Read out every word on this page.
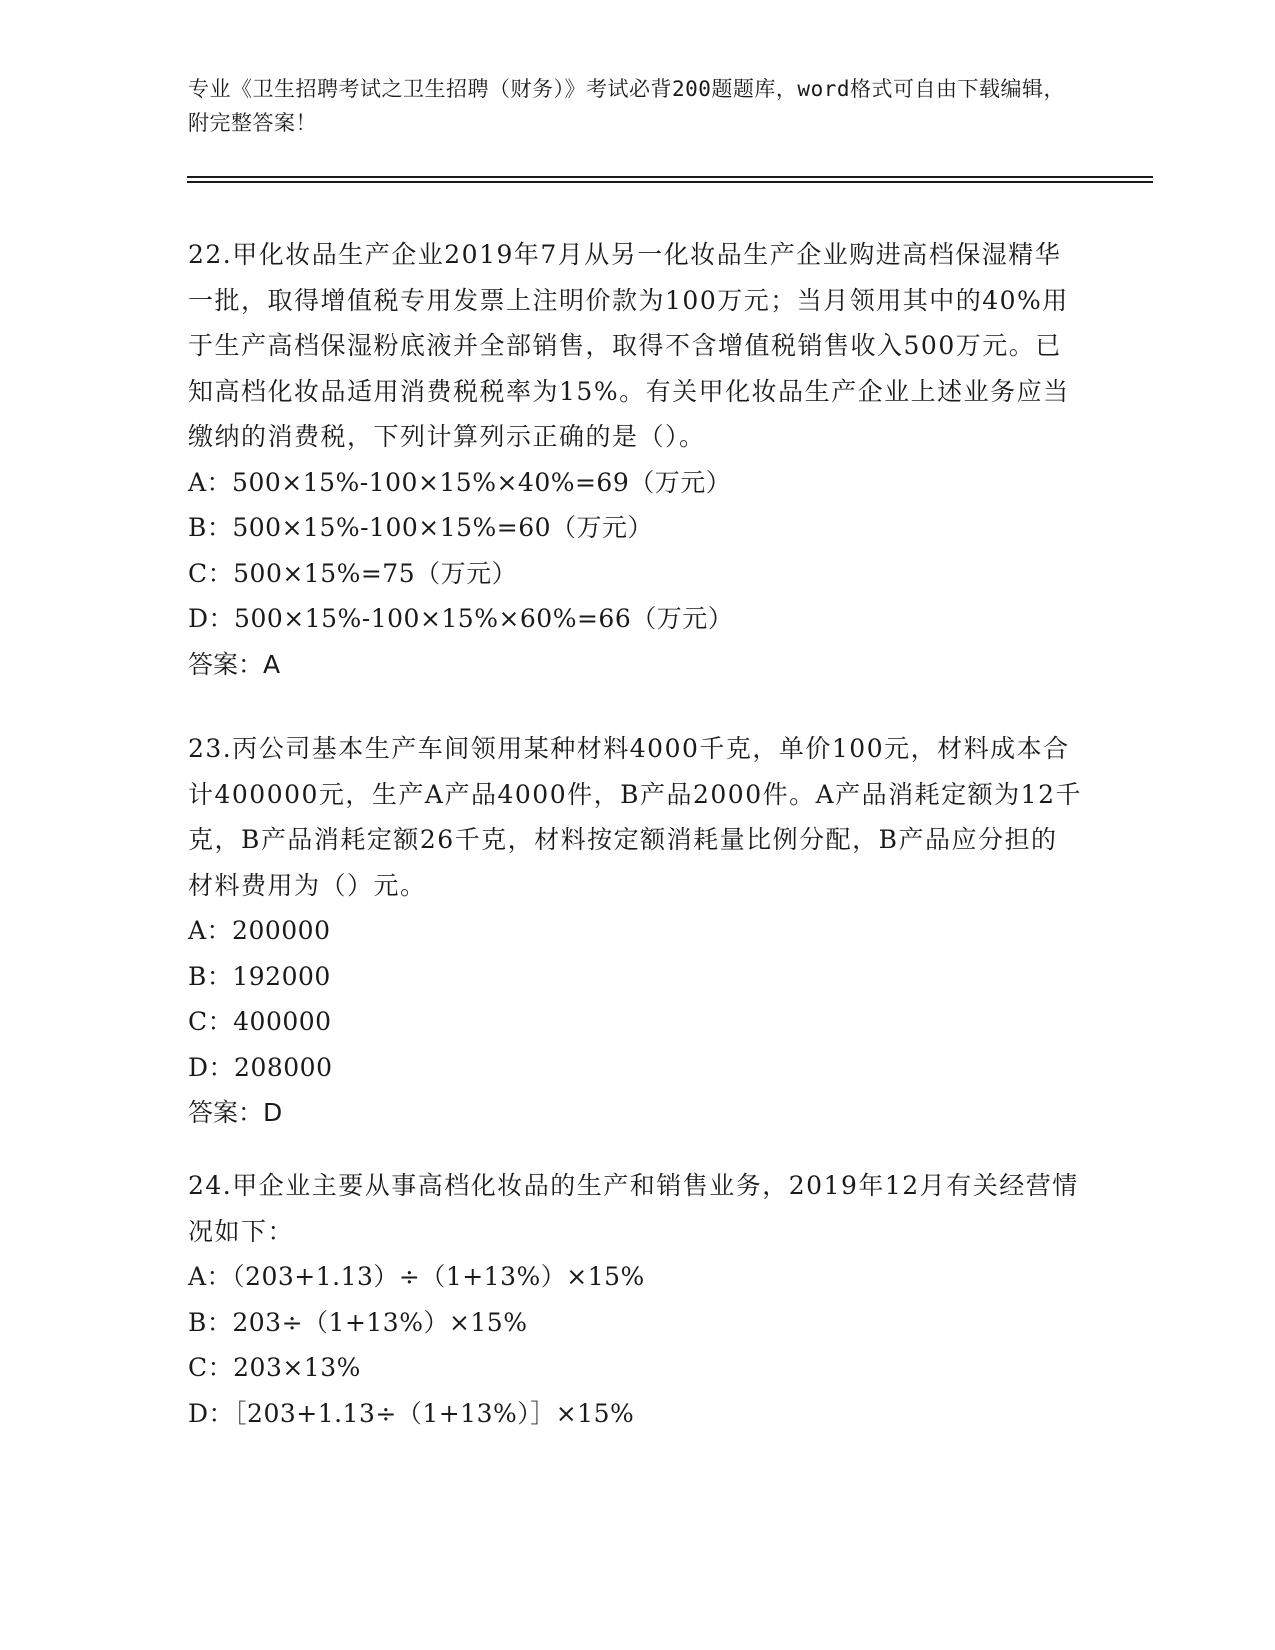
专业《卫生招聘考试之卫生招聘（财务）》考试必背200题题库，word格式可自由下载编辑，附完整答案！

22.甲化妆品生产企业2019年7月从另一化妆品生产企业购进高档保湿精华一批，取得增值税专用发票上注明价款为100万元；当月领用其中的40%用于生产高档保湿粉底液并全部销售，取得不含增值税销售收入500万元。已知高档化妆品适用消费税税率为15%。有关甲化妆品生产企业上述业务应当缴纳的消费税，下列计算列示正确的是（）。

A：500×15%-100×15%×40%=69（万元）

B：500×15%-100×15%=60（万元）

C：500×15%=75（万元）

D：500×15%-100×15%×60%=66（万元）

答案：A

23.丙公司基本生产车间领用某种材料4000千克，单价100元，材料成本合计400000元，生产A产品4000件，B产品2000件。A产品消耗定额为12千克，B产品消耗定额26千克，材料按定额消耗量比例分配，B产品应分担的材料费用为（）元。

A：200000

B：192000

C：400000

D：208000

答案：D

24.甲企业主要从事高档化妆品的生产和销售业务，2019年12月有关经营情况如下：

A：（203+1.13）÷（1+13%）×15%

B：203÷（1+13%）×15%

C：203×13%

D：［203+1.13÷（1+13%）］×15%
